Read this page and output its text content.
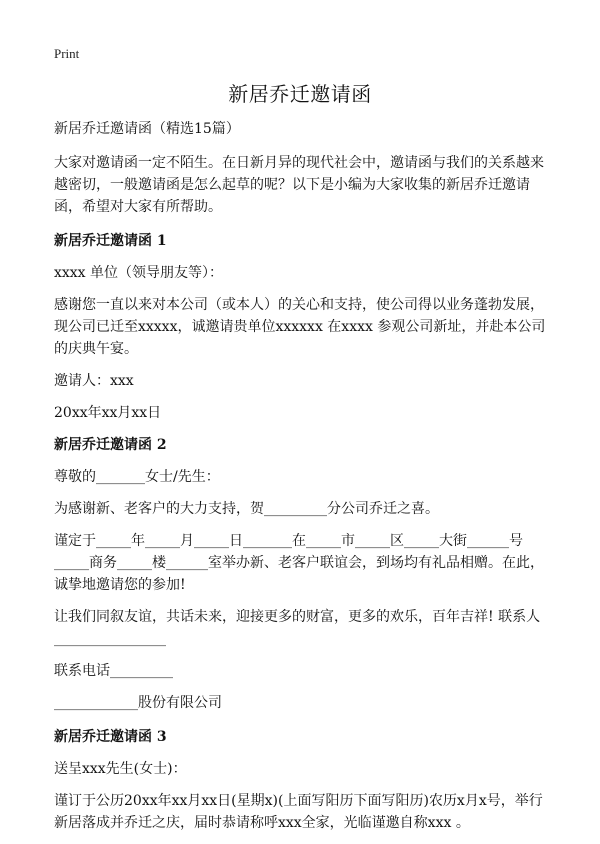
Print
新居乔迁邀请函

新居乔迁邀请函（精选15篇）

大家对邀请函一定不陌生。在日新月异的现代社会中，邀请函与我们的关系越来越密切，一般邀请函是怎么起草的呢？以下是小编为大家收集的新居乔迁邀请函，希望对大家有所帮助。

新居乔迁邀请函 1

xxxx 单位（领导朋友等）：

感谢您一直以来对本公司（或本人）的关心和支持，使公司得以业务蓬勃发展，现公司已迁至xxxxx，诚邀请贵单位xxxxxx 在xxxx 参观公司新址，并赴本公司的庆典午宴。

邀请人：xxx

20xx年xx月xx日

新居乔迁邀请函 2

尊敬的_______女士/先生：

为感谢新、老客户的大力支持，贺_________分公司乔迁之喜。

谨定于_____年_____月_____日_______在_____市_____区_____大街______号_____商务_____楼______室举办新、老客户联谊会，到场均有礼品相赠。在此，诚挚地邀请您的参加!

让我们同叙友谊，共话未来，迎接更多的财富，更多的欢乐，百年吉祥! 联系人________________

联系电话_________

____________股份有限公司

新居乔迁邀请函 3

送呈xxx先生(女士)：

谨订于公历20xx年xx月xx日(星期x)(上面写阳历下面写阳历)农历x月x号，举行新居落成并乔迁之庆，届时恭请称呼xxx全家，光临谨邀自称xxx 。
